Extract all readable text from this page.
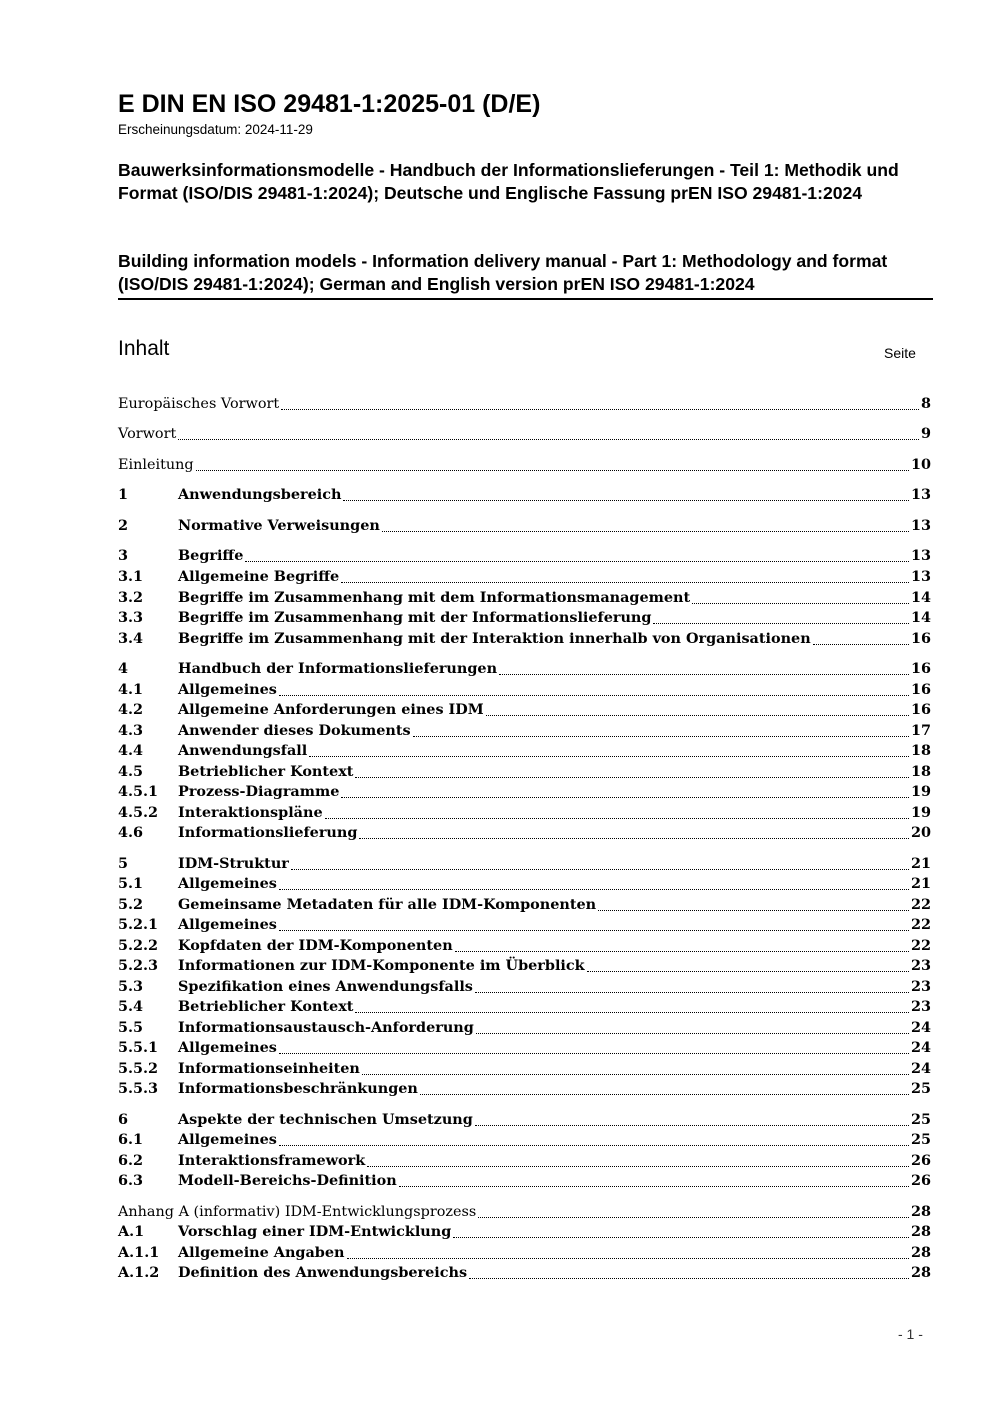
E DIN EN ISO 29481-1:2025-01 (D/E)
Erscheinungsdatum: 2024-11-29
Bauwerksinformationsmodelle - Handbuch der Informationslieferungen - Teil 1: Methodik und Format (ISO/DIS 29481-1:2024); Deutsche und Englische Fassung prEN ISO 29481-1:2024
Building information models - Information delivery manual - Part 1: Methodology and format (ISO/DIS 29481-1:2024); German and English version prEN ISO 29481-1:2024
Inhalt	Seite
Europäisches Vorwort	8
Vorwort	9
Einleitung	10
1	Anwendungsbereich	13
2	Normative Verweisungen	13
3	Begriffe	13
3.1	Allgemeine Begriffe	13
3.2	Begriffe im Zusammenhang mit dem Informationsmanagement	14
3.3	Begriffe im Zusammenhang mit der Informationslieferung	14
3.4	Begriffe im Zusammenhang mit der Interaktion innerhalb von Organisationen	16
4	Handbuch der Informationslieferungen	16
4.1	Allgemeines	16
4.2	Allgemeine Anforderungen eines IDM	16
4.3	Anwender dieses Dokuments	17
4.4	Anwendungsfall	18
4.5	Betrieblicher Kontext	18
4.5.1	Prozess-Diagramme	19
4.5.2	Interaktionspläne	19
4.6	Informationslieferung	20
5	IDM-Struktur	21
5.1	Allgemeines	21
5.2	Gemeinsame Metadaten für alle IDM-Komponenten	22
5.2.1	Allgemeines	22
5.2.2	Kopfdaten der IDM-Komponenten	22
5.2.3	Informationen zur IDM-Komponente im Überblick	23
5.3	Spezifikation eines Anwendungsfalls	23
5.4	Betrieblicher Kontext	23
5.5	Informationsaustausch-Anforderung	24
5.5.1	Allgemeines	24
5.5.2	Informationseinheiten	24
5.5.3	Informationsbeschränkungen	25
6	Aspekte der technischen Umsetzung	25
6.1	Allgemeines	25
6.2	Interaktionsframework	26
6.3	Modell-Bereichs-Definition	26
Anhang A (informativ) IDM-Entwicklungsprozess	28
A.1	Vorschlag einer IDM-Entwicklung	28
A.1.1	Allgemeine Angaben	28
A.1.2	Definition des Anwendungsbereichs	28
- 1 -
